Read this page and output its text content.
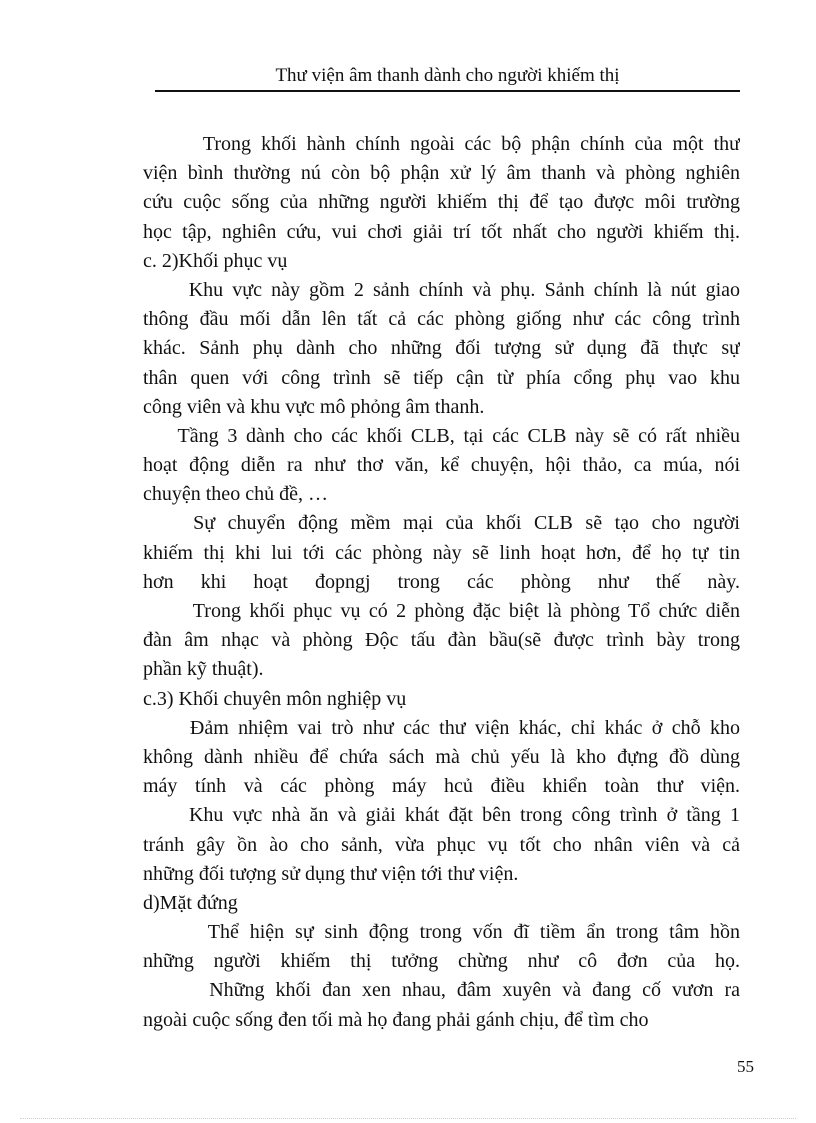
Thư viện âm thanh dành cho người khiếm thị
Trong khối hành chính ngoài các bộ phận chính của một thư
viện bình thường nú còn bộ phận xử lý âm thanh và phòng nghiên
cứu cuộc sống của những người khiếm thị để tạo được môi trường
học tập, nghiên cứu, vui chơi giải trí tốt nhất cho người khiếm thị.
c. 2)Khối phục vụ
Khu vực này gồm 2 sảnh chính và phụ. Sảnh chính là nút giao
thông đầu mối dẫn lên tất cả các phòng giống như các công trình
khác. Sảnh phụ dành cho những đối tượng sử dụng đã thực sự
thân quen với công trình sẽ tiếp cận từ phía cổng phụ vao khu
công viên và khu vực mô phỏng âm thanh.
Tầng 3 dành cho các khối CLB, tại các CLB này sẽ có rất nhiều
hoạt động diễn ra như thơ văn, kể chuyện, hội thảo, ca múa, nói
chuyện theo chủ đề, …
Sự chuyển động mềm mại của khối CLB sẽ tạo cho người
khiếm thị khi lui tới các phòng này sẽ linh hoạt hơn, để họ tự tin
hơn   khi   hoạt   đopngj   trong   các   phòng   như   thế   này.
Trong khối phục vụ có 2 phòng đặc biệt là phòng Tổ chức diễn
đàn âm nhạc và phòng Độc tấu đàn bầu(sẽ được trình bày trong
phần kỹ thuật).
c.3) Khối chuyên môn nghiệp vụ
Đảm nhiệm vai trò như các thư viện khác, chỉ khác ở chỗ kho
không dành nhiều để chứa sách mà chủ yếu là kho đựng đồ dùng
máy tính và các phòng máy hcủ điều khiển toàn thư viện.
Khu vực nhà ăn và giải khát đặt bên trong công trình ở tầng 1
tránh gây ồn ào cho sảnh, vừa phục vụ tốt cho nhân viên và cả
những đối tượng sử dụng thư viện tới thư viện.
d)Mặt đứng
Thể hiện sự sinh động trong vốn đĩ tiềm ẩn trong tâm hồn
những người khiếm thị tưởng chừng như cô đơn của họ.
Những khối đan xen nhau, đâm xuyên và đang cố vươn ra
ngoài cuộc sống đen tối mà họ đang phải gánh chịu, để tìm cho
55
